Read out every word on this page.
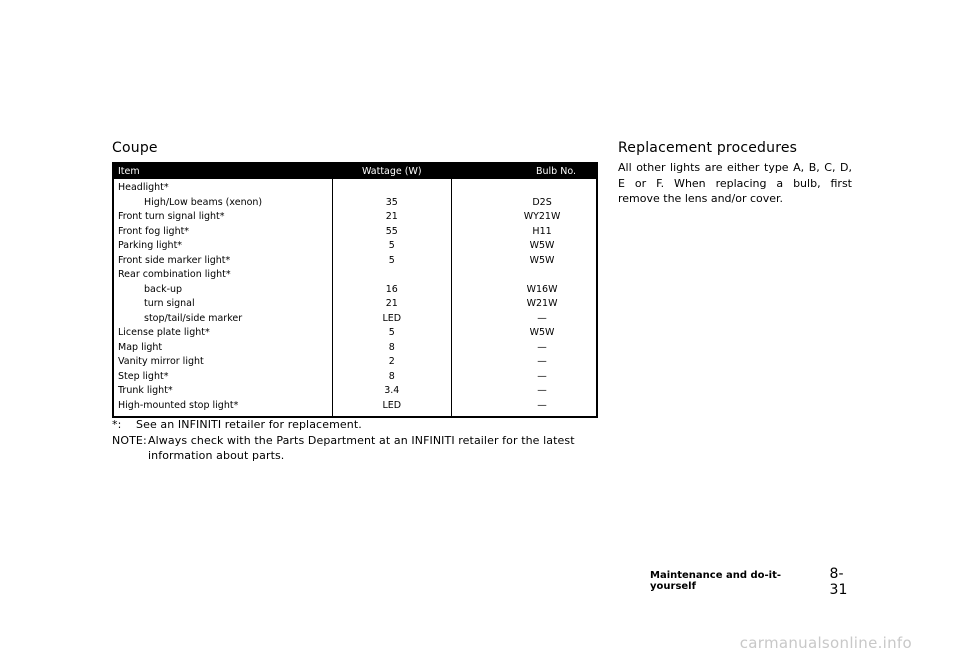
Coupe
Item	Wattage (W)	Bulb No.
Headlight*		
High/Low beams (xenon)	35	D2S
Front turn signal light*	21	WY21W
Front fog light*	55	H11
Parking light*	5	W5W
Front side marker light*	5	W5W
Rear combination light*		
back-up	16	W16W
turn signal	21	W21W
stop/tail/side marker	LED	—
License plate light*	5	W5W
Map light	8	—
Vanity mirror light	2	—
Step light*	8	—
Trunk light*	3.4	—
High-mounted stop light*	LED	—
*: See an INFINITI retailer for replacement.
NOTE:Always check with the Parts Department at an INFINITI retailer for the latest
information about parts.
Replacement procedures

All other lights are either type A, B, C, D, E or F. When replacing a bulb, first remove the lens and/or cover.

Maintenance and do-it-yourself
8-31
carmanualsonline.info
